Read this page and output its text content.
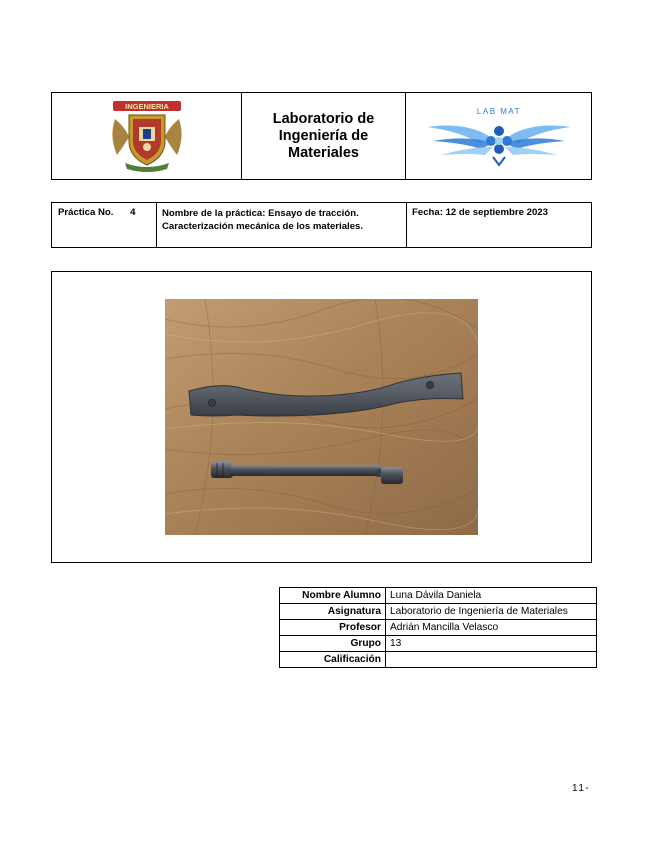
INGENIERIA
Laboratorio de
Ingeniería de
Materiales
LAB MAT
Práctica No. 4	Nombre de la práctica: Ensayo de tracción.
Caracterización mecánica de los materiales.
Fecha: 12 de septiembre 2023
Nombre Alumno	Luna Dávila Daniela
Asignatura	Laboratorio de Ingeniería de Materiales
Profesor	Adrián Mancilla Velasco
Grupo	13
Calificación	
11-
